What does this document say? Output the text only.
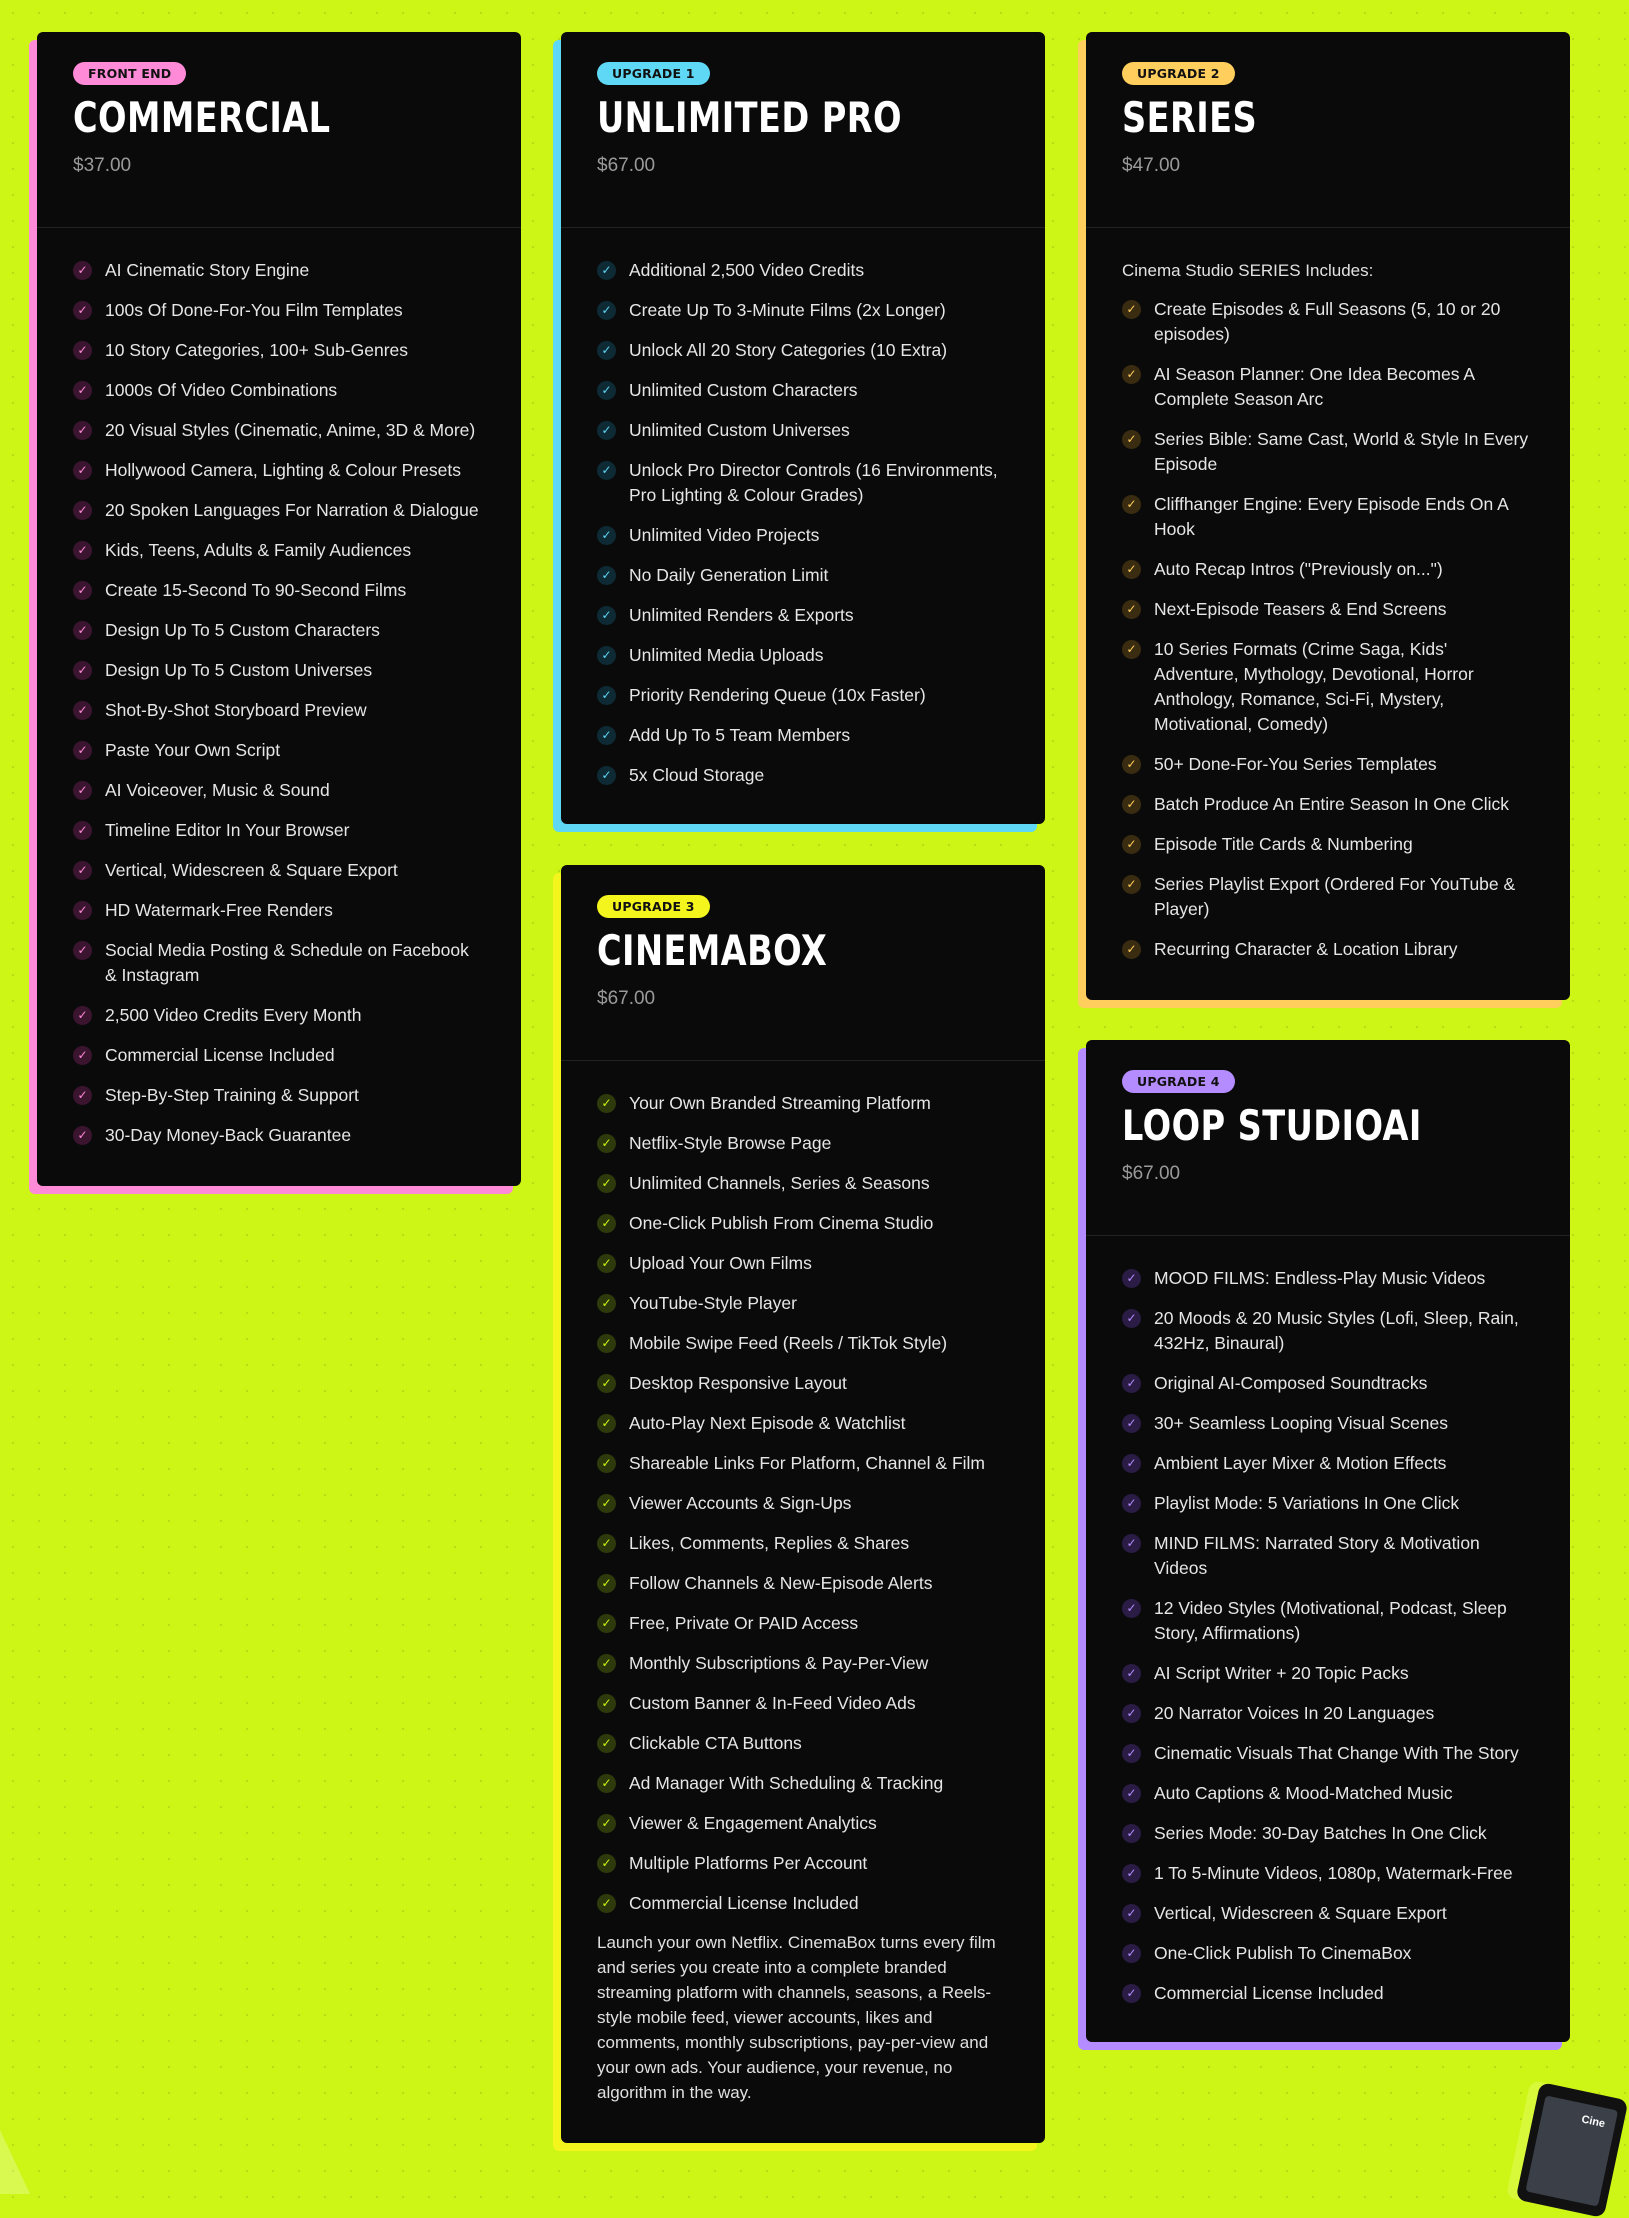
FRONT END
COMMERCIAL
$37.00
✓ AI Cinematic Story Engine
✓ 100s Of Done-For-You Film Templates
✓ 10 Story Categories, 100+ Sub-Genres
✓ 1000s Of Video Combinations
✓ 20 Visual Styles (Cinematic, Anime, 3D & More)
✓ Hollywood Camera, Lighting & Colour Presets
✓ 20 Spoken Languages For Narration & Dialogue
✓ Kids, Teens, Adults & Family Audiences
✓ Create 15-Second To 90-Second Films
✓ Design Up To 5 Custom Characters
✓ Design Up To 5 Custom Universes
✓ Shot-By-Shot Storyboard Preview
✓ Paste Your Own Script
✓ AI Voiceover, Music & Sound
✓ Timeline Editor In Your Browser
✓ Vertical, Widescreen & Square Export
✓ HD Watermark-Free Renders
✓ Social Media Posting & Schedule on Facebook & Instagram
✓ 2,500 Video Credits Every Month
✓ Commercial License Included
✓ Step-By-Step Training & Support
✓ 30-Day Money-Back Guarantee
UPGRADE 1
UNLIMITED PRO
$67.00
✓ Additional 2,500 Video Credits
✓ Create Up To 3-Minute Films (2x Longer)
✓ Unlock All 20 Story Categories (10 Extra)
✓ Unlimited Custom Characters
✓ Unlimited Custom Universes
✓ Unlock Pro Director Controls (16 Environments, Pro Lighting & Colour Grades)
✓ Unlimited Video Projects
✓ No Daily Generation Limit
✓ Unlimited Renders & Exports
✓ Unlimited Media Uploads
✓ Priority Rendering Queue (10x Faster)
✓ Add Up To 5 Team Members
✓ 5x Cloud Storage
UPGRADE 2
SERIES
$47.00
Cinema Studio SERIES Includes:
✓ Create Episodes & Full Seasons (5, 10 or 20 episodes)
✓ AI Season Planner: One Idea Becomes A Complete Season Arc
✓ Series Bible: Same Cast, World & Style In Every Episode
✓ Cliffhanger Engine: Every Episode Ends On A Hook
✓ Auto Recap Intros ("Previously on...")
✓ Next-Episode Teasers & End Screens
✓ 10 Series Formats (Crime Saga, Kids' Adventure, Mythology, Devotional, Horror Anthology, Romance, Sci-Fi, Mystery, Motivational, Comedy)
✓ 50+ Done-For-You Series Templates
✓ Batch Produce An Entire Season In One Click
✓ Episode Title Cards & Numbering
✓ Series Playlist Export (Ordered For YouTube & Player)
✓ Recurring Character & Location Library
UPGRADE 3
CINEMABOX
$67.00
✓ Your Own Branded Streaming Platform
✓ Netflix-Style Browse Page
✓ Unlimited Channels, Series & Seasons
✓ One-Click Publish From Cinema Studio
✓ Upload Your Own Films
✓ YouTube-Style Player
✓ Mobile Swipe Feed (Reels / TikTok Style)
✓ Desktop Responsive Layout
✓ Auto-Play Next Episode & Watchlist
✓ Shareable Links For Platform, Channel & Film
✓ Viewer Accounts & Sign-Ups
✓ Likes, Comments, Replies & Shares
✓ Follow Channels & New-Episode Alerts
✓ Free, Private Or PAID Access
✓ Monthly Subscriptions & Pay-Per-View
✓ Custom Banner & In-Feed Video Ads
✓ Clickable CTA Buttons
✓ Ad Manager With Scheduling & Tracking
✓ Viewer & Engagement Analytics
✓ Multiple Platforms Per Account
✓ Commercial License Included
Launch your own Netflix. CinemaBox turns every film and series you create into a complete branded streaming platform with channels, seasons, a Reels-style mobile feed, viewer accounts, likes and comments, monthly subscriptions, pay-per-view and your own ads. Your audience, your revenue, no algorithm in the way.
UPGRADE 4
LOOP STUDIOAI
$67.00
✓ MOOD FILMS: Endless-Play Music Videos
✓ 20 Moods & 20 Music Styles (Lofi, Sleep, Rain, 432Hz, Binaural)
✓ Original AI-Composed Soundtracks
✓ 30+ Seamless Looping Visual Scenes
✓ Ambient Layer Mixer & Motion Effects
✓ Playlist Mode: 5 Variations In One Click
✓ MIND FILMS: Narrated Story & Motivation Videos
✓ 12 Video Styles (Motivational, Podcast, Sleep Story, Affirmations)
✓ AI Script Writer + 20 Topic Packs
✓ 20 Narrator Voices In 20 Languages
✓ Cinematic Visuals That Change With The Story
✓ Auto Captions & Mood-Matched Music
✓ Series Mode: 30-Day Batches In One Click
✓ 1 To 5-Minute Videos, 1080p, Watermark-Free
✓ Vertical, Widescreen & Square Export
✓ One-Click Publish To CinemaBox
✓ Commercial License Included
Cine
